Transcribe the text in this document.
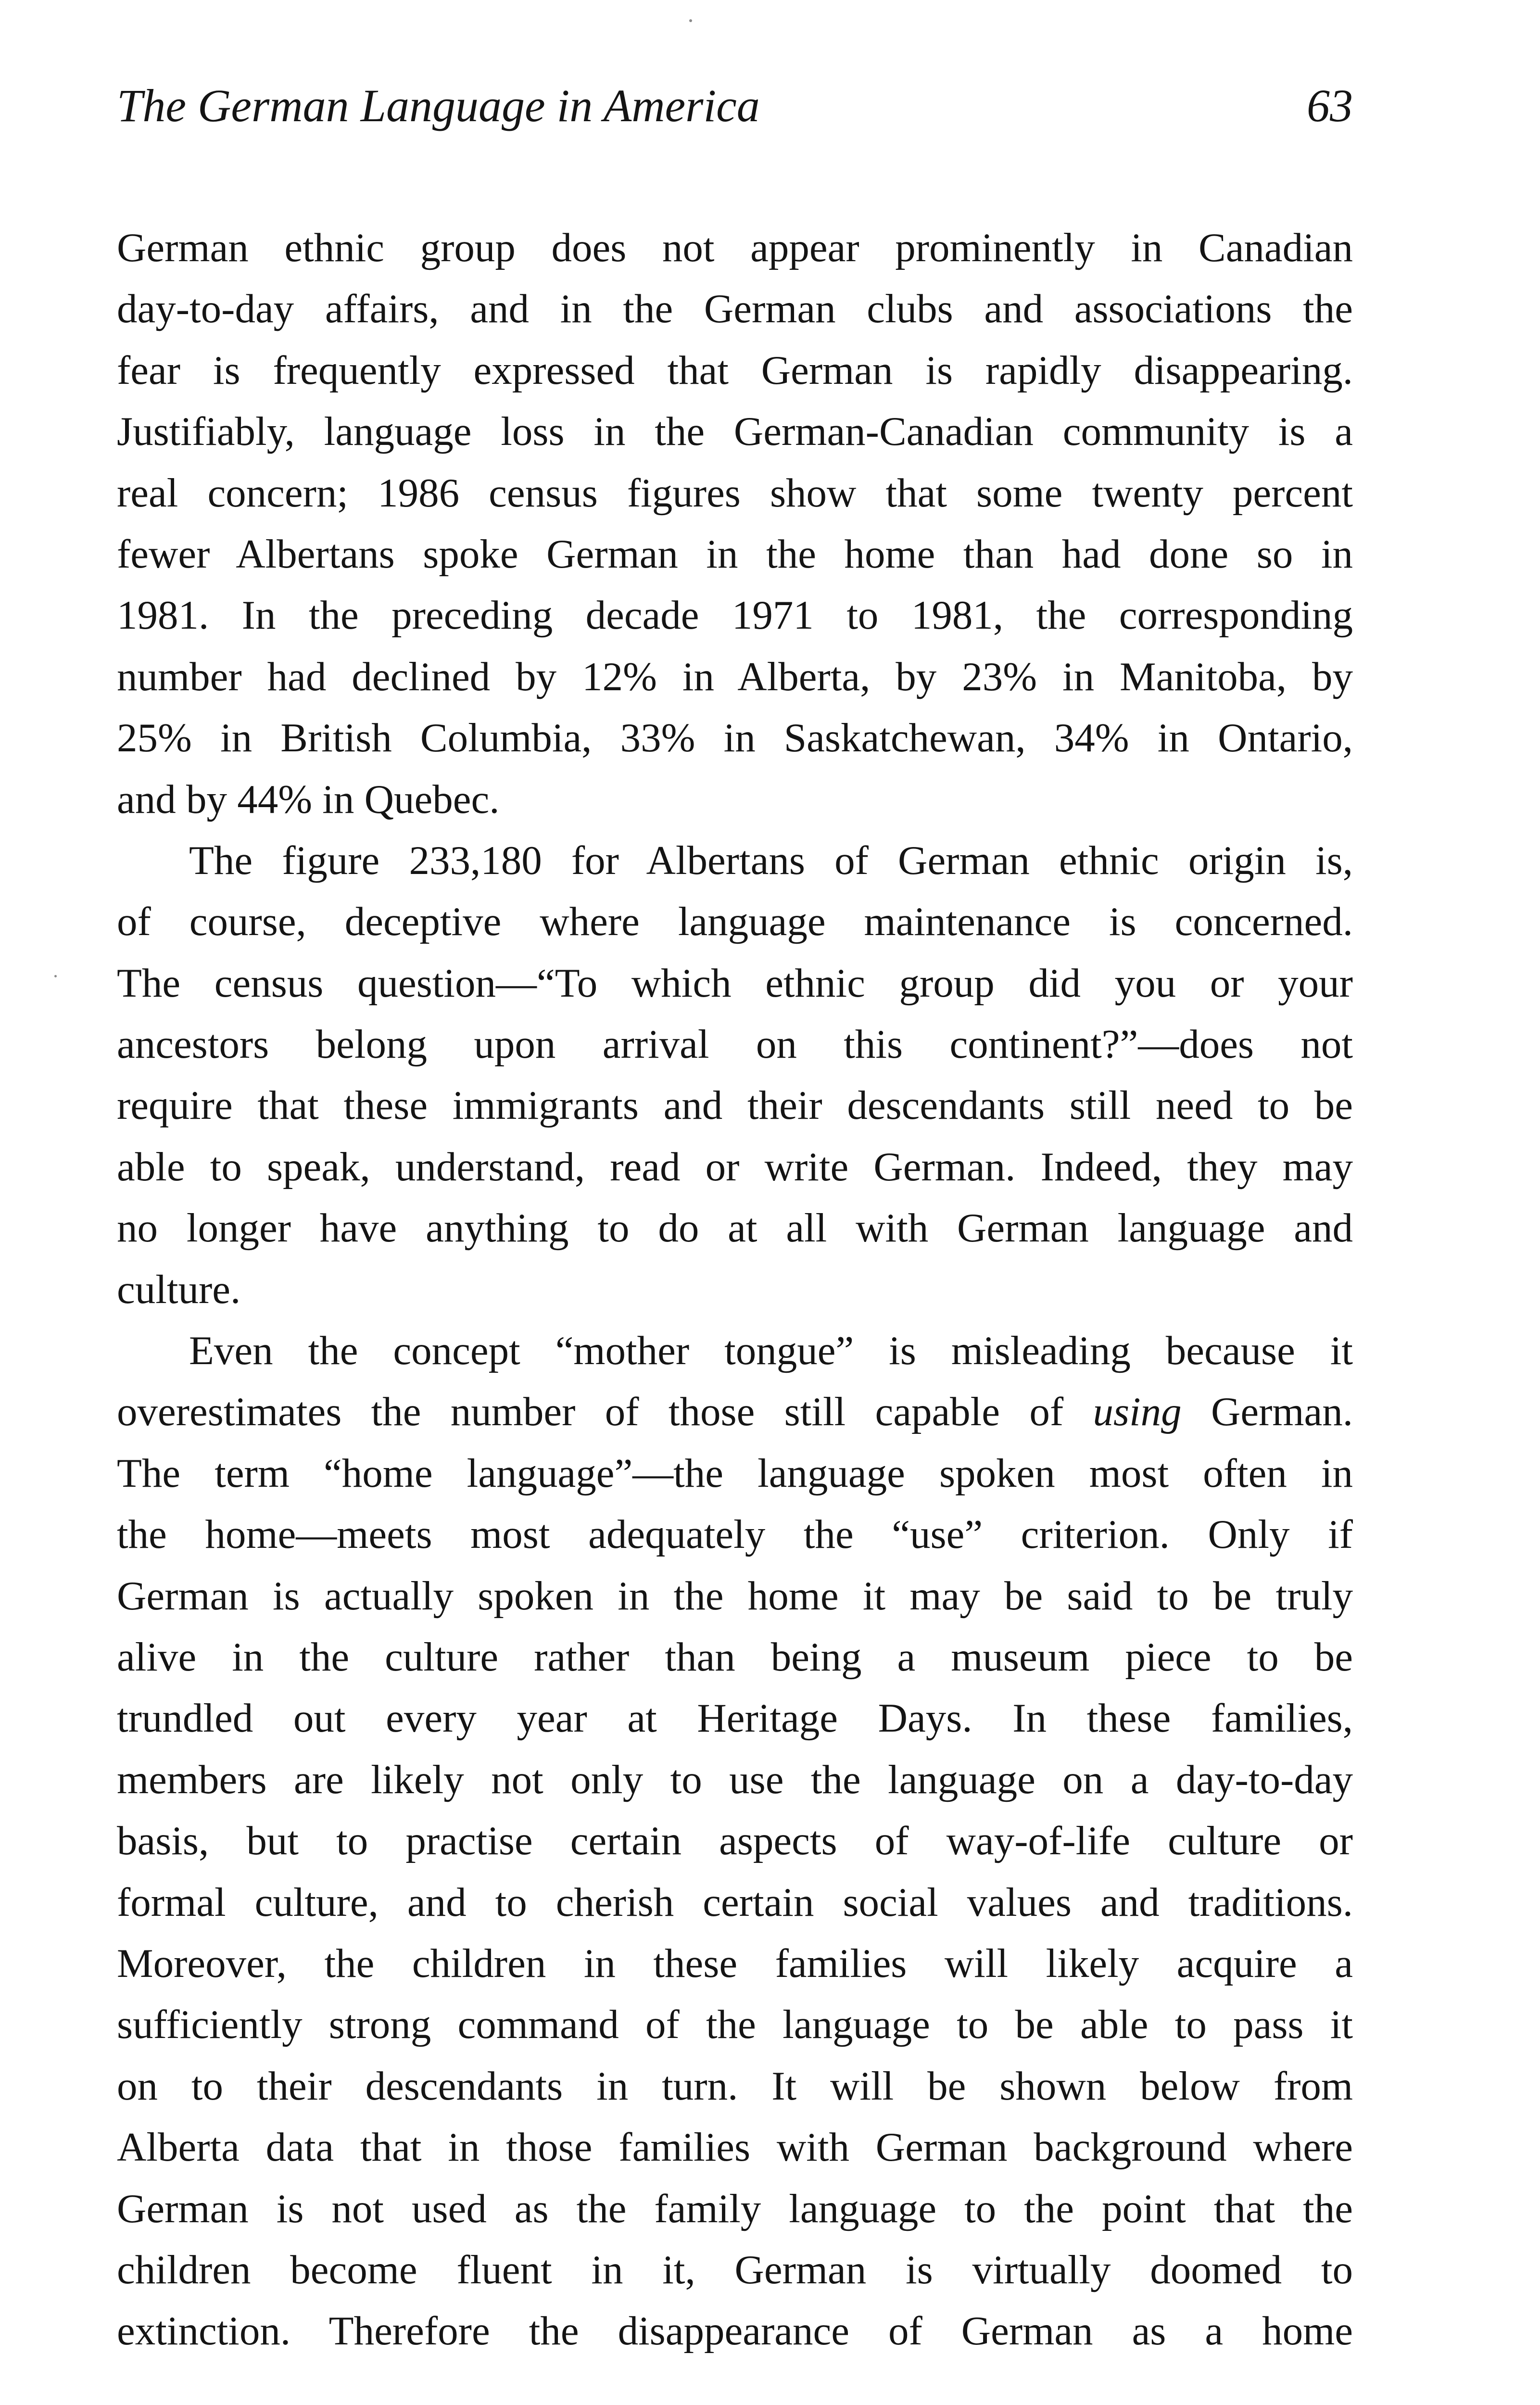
The German Language in America	63
German ethnic group does not appear prominently in Canadian
day-to-day affairs, and in the German clubs and associations the
fear is frequently expressed that German is rapidly disappearing.
Justifiably, language loss in the German-Canadian community is a
real concern; 1986 census figures show that some twenty percent
fewer Albertans spoke German in the home than had done so in
1981. In the preceding decade 1971 to 1981, the corresponding
number had declined by 12% in Alberta, by 23% in Manitoba, by
25% in British Columbia, 33% in Saskatchewan, 34% in Ontario,
and by 44% in Quebec.
The figure 233,180 for Albertans of German ethnic origin is,
of course, deceptive where language maintenance is concerned.
The census question—“To which ethnic group did you or your
ancestors belong upon arrival on this continent?”—does not
require that these immigrants and their descendants still need to be
able to speak, understand, read or write German. Indeed, they may
no longer have anything to do at all with German language and
culture.
Even the concept “mother tongue” is misleading because it
overestimates the number of those still capable of using German.
The term “home language”—the language spoken most often in
the home—meets most adequately the “use” criterion. Only if
German is actually spoken in the home it may be said to be truly
alive in the culture rather than being a museum piece to be
trundled out every year at Heritage Days. In these families,
members are likely not only to use the language on a day-to-day
basis, but to practise certain aspects of way-of-life culture or
formal culture, and to cherish certain social values and traditions.
Moreover, the children in these families will likely acquire a
sufficiently strong command of the language to be able to pass it
on to their descendants in turn. It will be shown below from
Alberta data that in those families with German background where
German is not used as the family language to the point that the
children become fluent in it, German is virtually doomed to
extinction. Therefore the disappearance of German as a home
